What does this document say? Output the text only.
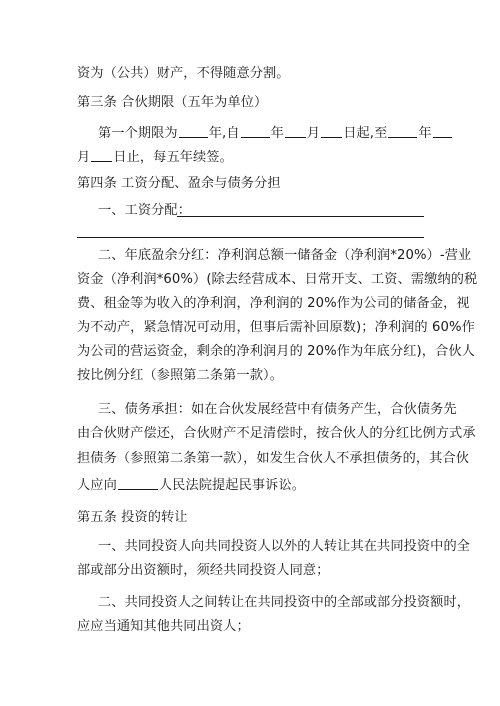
资为（公共）财产，不得随意分割。
第三条 合伙期限（五年为单位）
第一个期限为 年,自 年 月 日起,至 年
月 日止，每五年续签。
第四条 工资分配、盈余与债务分担
一、工资分配：
二、年底盈余分红：净利润总额一储备金（净利润*20%）-营业
资金（净利润*60%）(除去经营成本、日常开支、工资、需缴纳的税
费、租金等为收入的净利润，净利润的 20%作为公司的储备金，视
为不动产，紧急情况可动用，但事后需补回原数)；净利润的 60%作
为公司的营运资金，剩余的净利润月的 20%作为年底分红)，合伙人
按比例分红（参照第二条第一款）。
三、债务承担：如在合伙发展经营中有债务产生，合伙债务先
由合伙财产偿还，合伙财产不足清偿时，按合伙人的分红比例方式承
担债务（参照第二条第一款），如发生合伙人不承担债务的，其合伙
人应向	人民法院提起民事诉讼。
第五条 投资的转让
一、共同投资人向共同投资人以外的人转让其在共同投资中的全
部或部分出资额时，须经共同投资人同意；
二、共同投资人之间转让在共同投资中的全部或部分投资额时，
应应当通知其他共同出资人；
